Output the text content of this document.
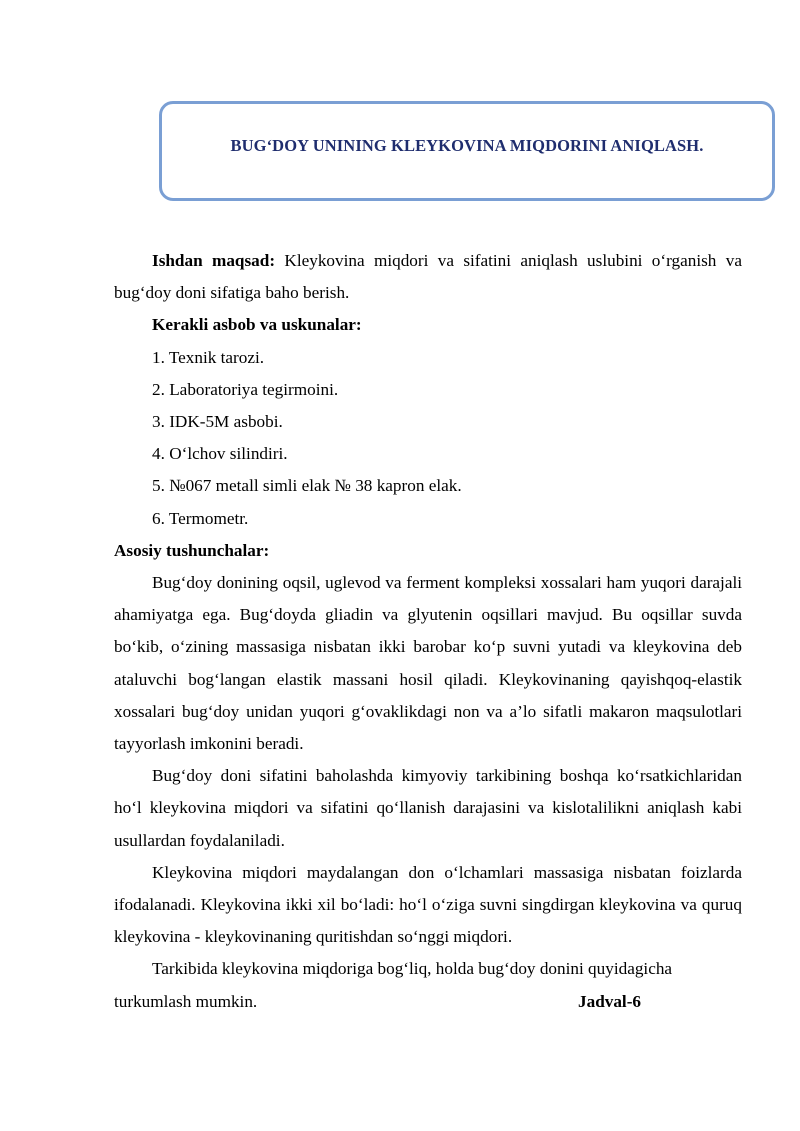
BUG‘DOY UNINING KLEYKOVINA MIQDORINI ANIQLASH.

Ishdan maqsad: Kleykovina miqdori va sifatini aniqlash uslubini o‘rganish va bug‘doy doni sifatiga baho berish.

Kerakli asbob va uskunalar:

1. Texnik tarozi.

2. Laboratoriya tegirmoini.

3. IDK-5M asbobi.

4. O‘lchov silindiri.

5. №067 metall simli elak № 38 kapron elak.

6. Termometr.

Asosiy tushunchalar:

Bug‘doy donining oqsil, uglevod va ferment kompleksi xossalari ham yuqori darajali ahamiyatga ega. Bug‘doyda gliadin va glyutenin oqsillari mavjud. Bu oqsillar suvda bo‘kib, o‘zining massasiga nisbatan ikki barobar ko‘p suvni yutadi va kleykovina deb ataluvchi bog‘langan elastik massani hosil qiladi. Kleykovinaning qayishqoq-elastik xossalari bug‘doy unidan yuqori g‘ovaklikdagi non va a’lo sifatli makaron maqsulotlari tayyorlash imkonini beradi.

Bug‘doy doni sifatini baholashda kimyoviy tarkibining boshqa ko‘rsatkichlaridan ho‘l kleykovina miqdori va sifatini qo‘llanish darajasini va kislotalilikni aniqlash kabi usullardan foydalaniladi.

Kleykovina miqdori maydalangan don o‘lchamlari massasiga nisbatan foizlarda ifodalanadi. Kleykovina ikki xil bo‘ladi: ho‘l o‘ziga suvni singdirgan kleykovina va quruq kleykovina - kleykovinaning quritishdan so‘nggi miqdori.

Tarkibida kleykovina miqdoriga bog‘liq, holda bug‘doy donini quyidagicha

turkumlash mumkin.	Jadval-6
